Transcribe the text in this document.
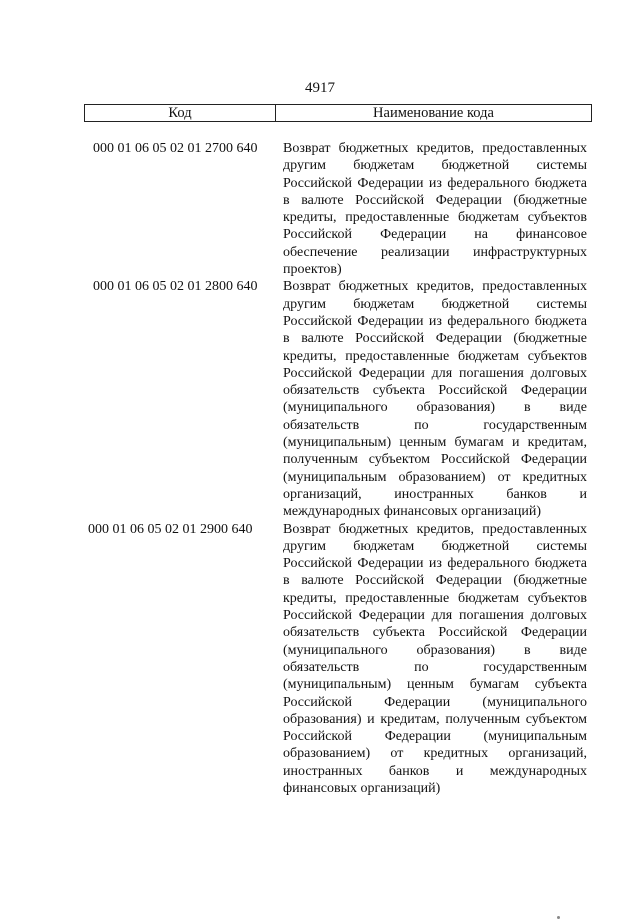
4917
Код	Наименование кода
000 01 06 05 02 01 2700 640	Возврат бюджетных кредитов, предоставленных другим бюджетам бюджетной системы Российской Федерации из федерального бюджета в валюте Российской Федерации (бюджетные кредиты, предоставленные бюджетам субъектов Российской Федерации на финансовое обеспечение реализации инфраструктурных проектов)
000 01 06 05 02 01 2800 640	Возврат бюджетных кредитов, предоставленных другим бюджетам бюджетной системы Российской Федерации из федерального бюджета в валюте Российской Федерации (бюджетные кредиты, предоставленные бюджетам субъектов Российской Федерации для погашения долговых обязательств субъекта Российской Федерации (муниципального образования) в виде обязательств по государственным (муниципальным) ценным бумагам и кредитам, полученным субъектом Российской Федерации (муниципальным образованием) от кредитных организаций, иностранных банков и международных финансовых организаций)
000 01 06 05 02 01 2900 640	Возврат бюджетных кредитов, предоставленных другим бюджетам бюджетной системы Российской Федерации из федерального бюджета в валюте Российской Федерации (бюджетные кредиты, предоставленные бюджетам субъектов Российской Федерации для погашения долговых обязательств субъекта Российской Федерации (муниципального образования) в виде обязательств по государственным (муниципальным) ценным бумагам субъекта Российской Федерации (муниципального образования) и кредитам, полученным субъектом Российской Федерации (муниципальным образованием) от кредитных организаций, иностранных банков и международных финансовых организаций)
